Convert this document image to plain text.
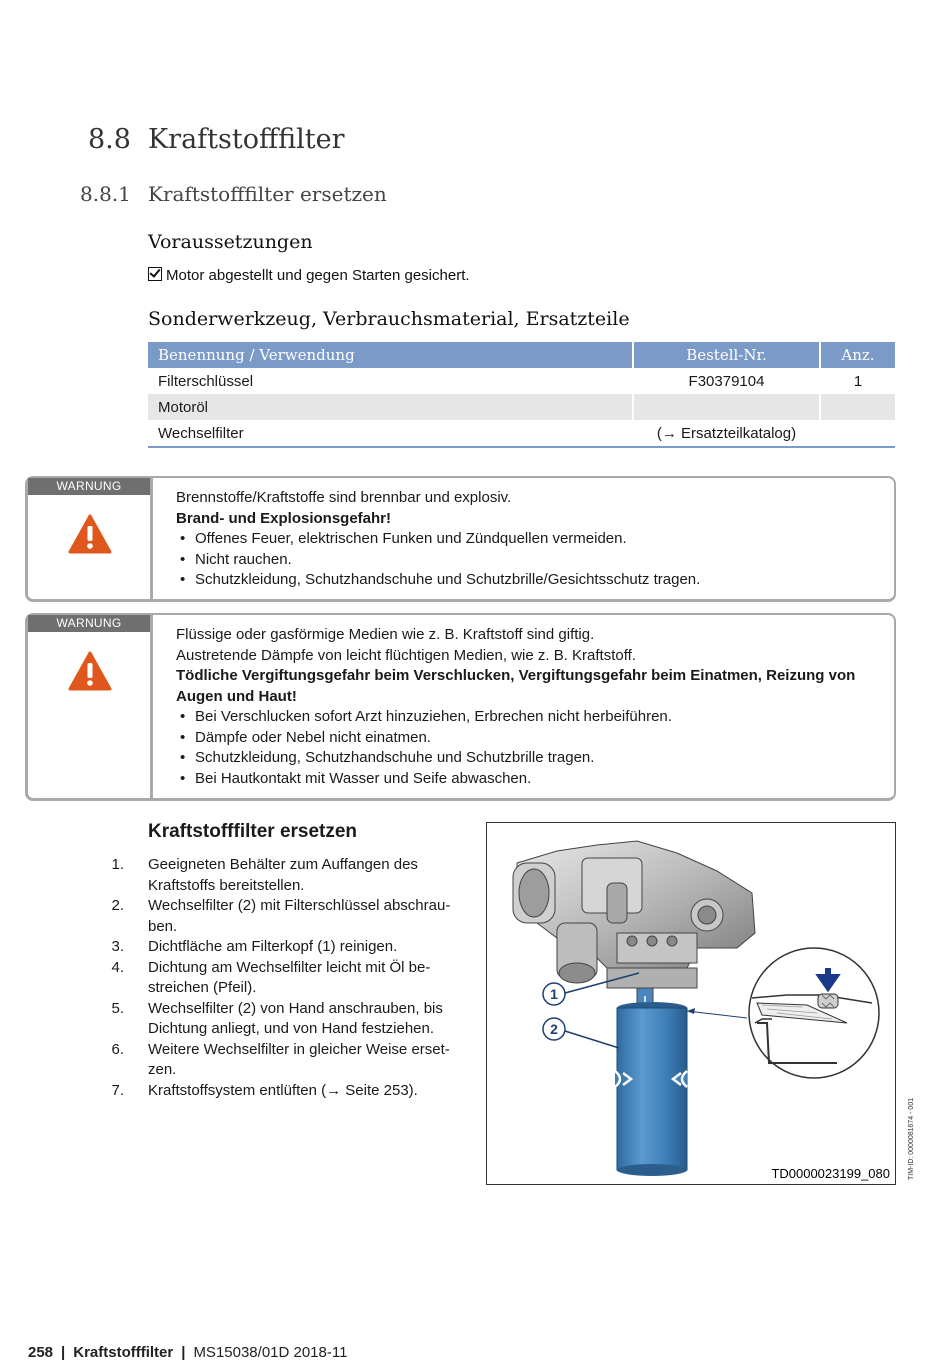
8.8 Kraftstofffilter
8.8.1 Kraftstofffilter ersetzen
Voraussetzungen
Motor abgestellt und gegen Starten gesichert.
Sonderwerkzeug, Verbrauchsmaterial, Ersatzteile
Benennung / Verwendung	Bestell-Nr.	Anz.
Filterschlüssel	F30379104	1
Motoröl		
Wechselfilter	(→ Ersatzteilkatalog)	
WARNUNG
Brennstoffe/Kraftstoffe sind brennbar und explosiv.
Brand- und Explosionsgefahr!
• Offenes Feuer, elektrischen Funken und Zündquellen vermeiden.
• Nicht rauchen.
• Schutzkleidung, Schutzhandschuhe und Schutzbrille/Gesichtsschutz tragen.
WARNUNG
Flüssige oder gasförmige Medien wie z. B. Kraftstoff sind giftig.
Austretende Dämpfe von leicht flüchtigen Medien, wie z. B. Kraftstoff.
Tödliche Vergiftungsgefahr beim Verschlucken, Vergiftungsgefahr beim Einatmen, Reizung von Augen und Haut!
• Bei Verschlucken sofort Arzt hinzuziehen, Erbrechen nicht herbeiführen.
• Dämpfe oder Nebel nicht einatmen.
• Schutzkleidung, Schutzhandschuhe und Schutzbrille tragen.
• Bei Hautkontakt mit Wasser und Seife abwaschen.
Kraftstofffilter ersetzen
1. Geeigneten Behälter zum Auffangen des Kraftstoffs bereitstellen.
2. Wechselfilter (2) mit Filterschlüssel abschrauben.
3. Dichtfläche am Filterkopf (1) reinigen.
4. Dichtung am Wechselfilter leicht mit Öl bestreichen (Pfeil).
5. Wechselfilter (2) von Hand anschrauben, bis Dichtung anliegt, und von Hand festziehen.
6. Weitere Wechselfilter in gleicher Weise ersetzen.
7. Kraftstoffsystem entlüften (→ Seite 253).
1
2
TD0000023199_080	TIM-ID: 0000081674 - 001
258 | Kraftstofffilter | MS15038/01D 2018-11
